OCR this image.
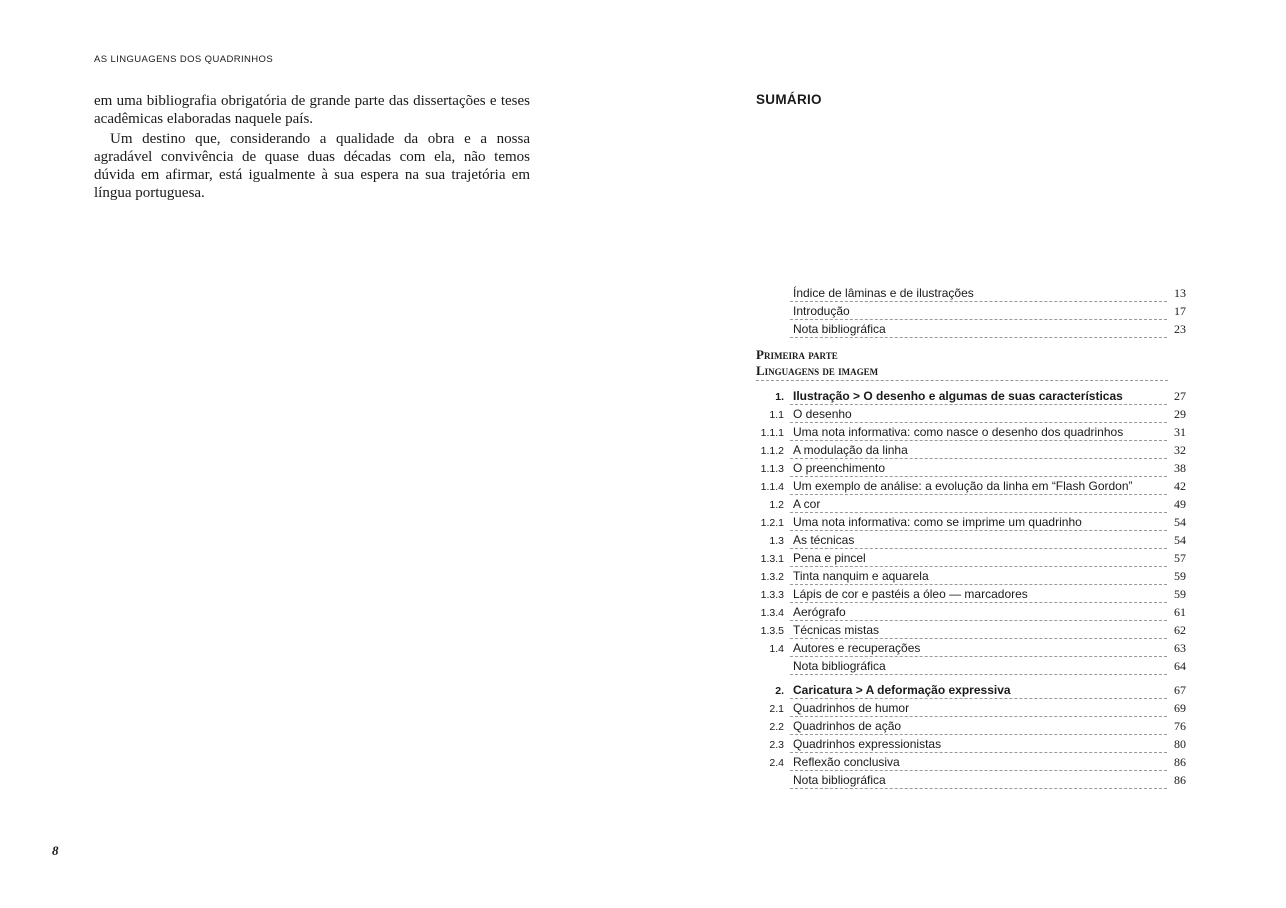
AS LINGUAGENS DOS QUADRINHOS

em uma bibliografia obrigatória de grande parte das dissertações e teses acadêmicas elaboradas naquele país.

Um destino que, considerando a qualidade da obra e a nossa agradável convivência de quase duas décadas com ela, não temos dúvida em afirmar, está igualmente à sua espera na sua trajetória em língua portuguesa.

8
SUMÁRIO
Índice de lâminas e de ilustrações	13
Introdução	17
Nota bibliográfica	23
Primeira parte
Linguagens de imagem
1. Ilustração > O desenho e algumas de suas características	27
1.1 O desenho	29
1.1.1 Uma nota informativa: como nasce o desenho dos quadrinhos	31
1.1.2 A modulação da linha	32
1.1.3 O preenchimento	38
1.1.4 Um exemplo de análise: a evolução da linha em “Flash Gordon”	42
1.2 A cor	49
1.2.1 Uma nota informativa: como se imprime um quadrinho	54
1.3 As técnicas	54
1.3.1 Pena e pincel	57
1.3.2 Tinta nanquim e aquarela	59
1.3.3 Lápis de cor e pastéis a óleo — marcadores	59
1.3.4 Aerógrafo	61
1.3.5 Técnicas mistas	62
1.4 Autores e recuperações	63
Nota bibliográfica	64
2. Caricatura > A deformação expressiva	67
2.1 Quadrinhos de humor	69
2.2 Quadrinhos de ação	76
2.3 Quadrinhos expressionistas	80
2.4 Reflexão conclusiva	86
Nota bibliográfica	86
